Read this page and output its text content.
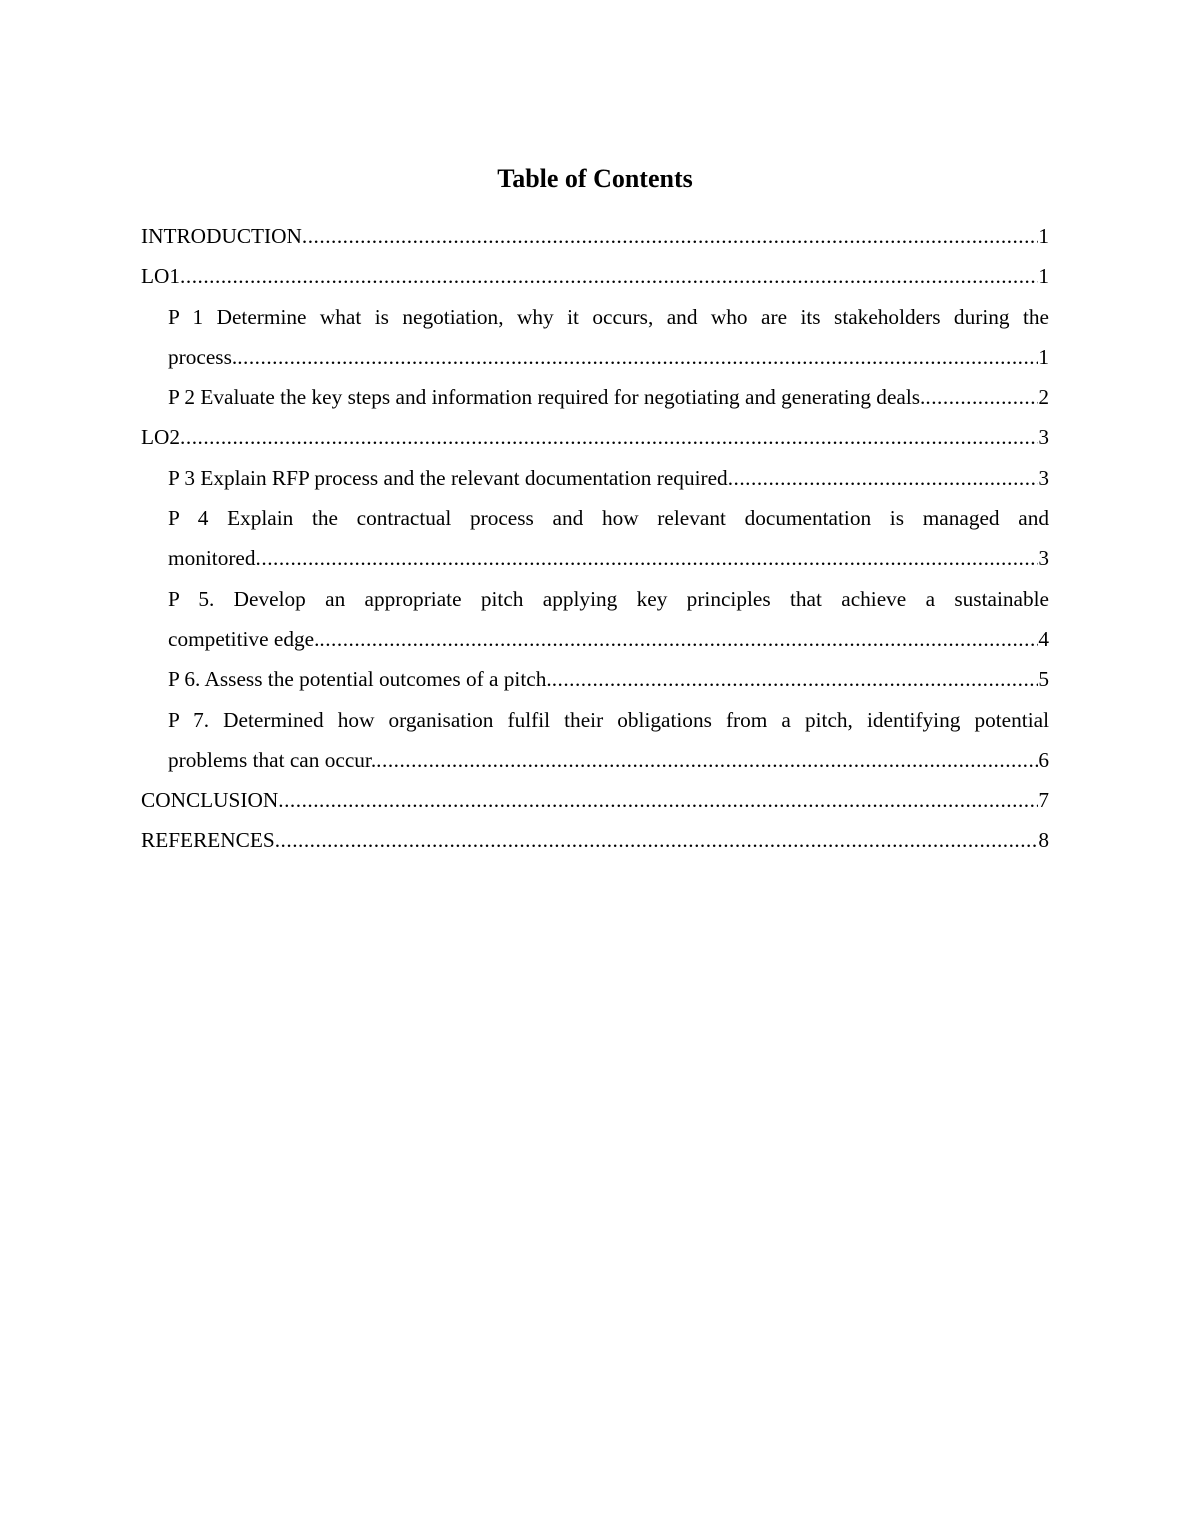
Table of Contents
INTRODUCTION .....	1
LO1 .....	1
P 1 Determine what is negotiation, why it occurs, and who are its stakeholders during the
process. .....	1
P 2 Evaluate the key steps and information required for negotiating and generating deals. .....	2
LO2 .....	3
P 3 Explain RFP process and the relevant documentation required .....	3
P 4 Explain the contractual process and how relevant documentation is managed and
monitored .....	3
P 5. Develop an appropriate pitch applying key principles that achieve a sustainable
competitive edge. .....	4
P 6. Assess the potential outcomes of a pitch. .....	5
P 7. Determined how organisation fulfil their obligations from a pitch, identifying potential
problems that can occur. .....	6
CONCLUSION .....	7
REFERENCES .....	8
